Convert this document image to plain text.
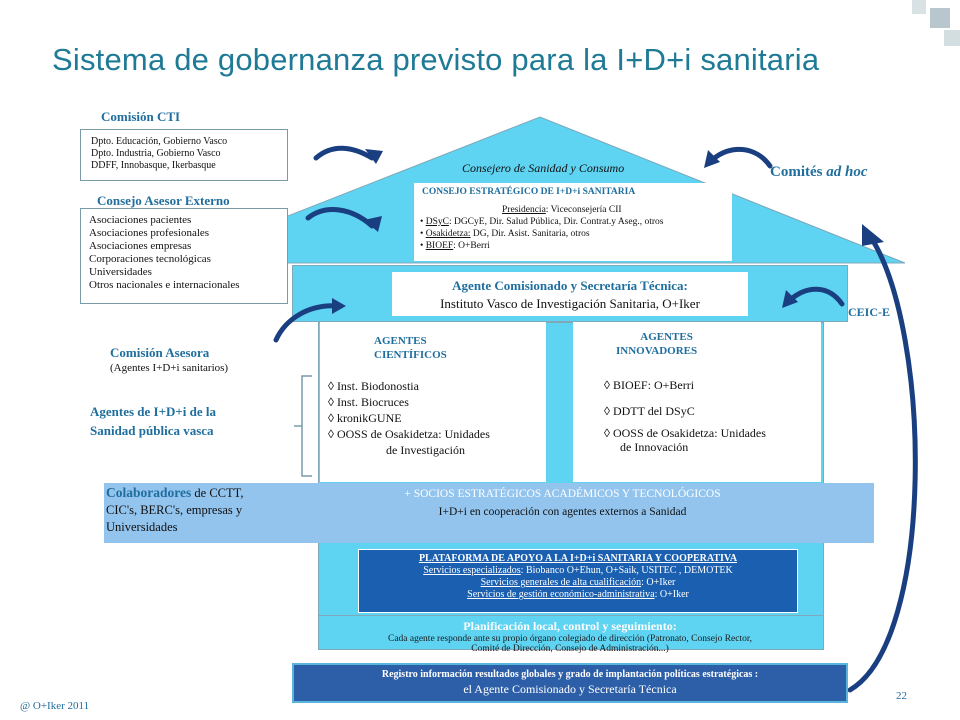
Sistema de gobernanza previsto para la I+D+i sanitaria
Comisión CTI
Dpto. Educación, Gobierno Vasco
Dpto. Industria, Gobierno Vasco
DDFF, Innobasque, Ikerbasque
Consejo Asesor Externo
Asociaciones pacientes
Asociaciones profesionales
Asociaciones empresas
Corporaciones tecnológicas
Universidades
Otros nacionales e internacionales
Consejero de Sanidad y Consumo
CONSEJO ESTRATÉGICO DE I+D+i SANITARIA
Presidencia: Viceconsejería CII
• DSyC: DGCyE, Dir. Salud Pública, Dir. Contrat.y Aseg., otros
• Osakidetza: DG, Dir. Asist. Sanitaria, otros
• BIOEF: O+Berri
Comités ad hoc
CEIC-E
Agente Comisionado y Secretaría Técnica:
Instituto Vasco de Investigación Sanitaria, O+Iker
Comisión Asesora
(Agentes I+D+i sanitarios)
Agentes de I+D+i de la
Sanidad pública vasca
AGENTES
CIENTÍFICOS
◊ Inst. Biodonostia
◊ Inst. Biocruces
◊ kronikGUNE
◊ OOSS de Osakidetza: Unidades
de Investigación
AGENTES
INNOVADORES
◊ BIOEF: O+Berri
◊ DDTT del DSyC
◊ OOSS de Osakidetza: Unidades
de Innovación
Colaboradores de CCTT,
CIC's, BERC's, empresas y
Universidades
+ SOCIOS ESTRATÉGICOS ACADÉMICOS Y TECNOLÓGICOS
I+D+i en cooperación con agentes externos a Sanidad
PLATAFORMA DE APOYO A LA I+D+i SANITARIA Y COOPERATIVA
Servicios especializados: Biobanco O+Ehun, O+Saik, USITEC , DEMOTEK
Servicios generales de alta cualificación: O+Iker
Servicios de gestión económico-administrativa: O+Iker
Planificación local, control y seguimiento:
Cada agente responde ante su propio órgano colegiado de dirección (Patronato, Consejo Rector,
Comité de Dirección, Consejo de Administración...)
Registro información resultados globales y grado de implantación políticas estratégicas :
el Agente Comisionado y Secretaría Técnica
@ O+Iker 2011
22
